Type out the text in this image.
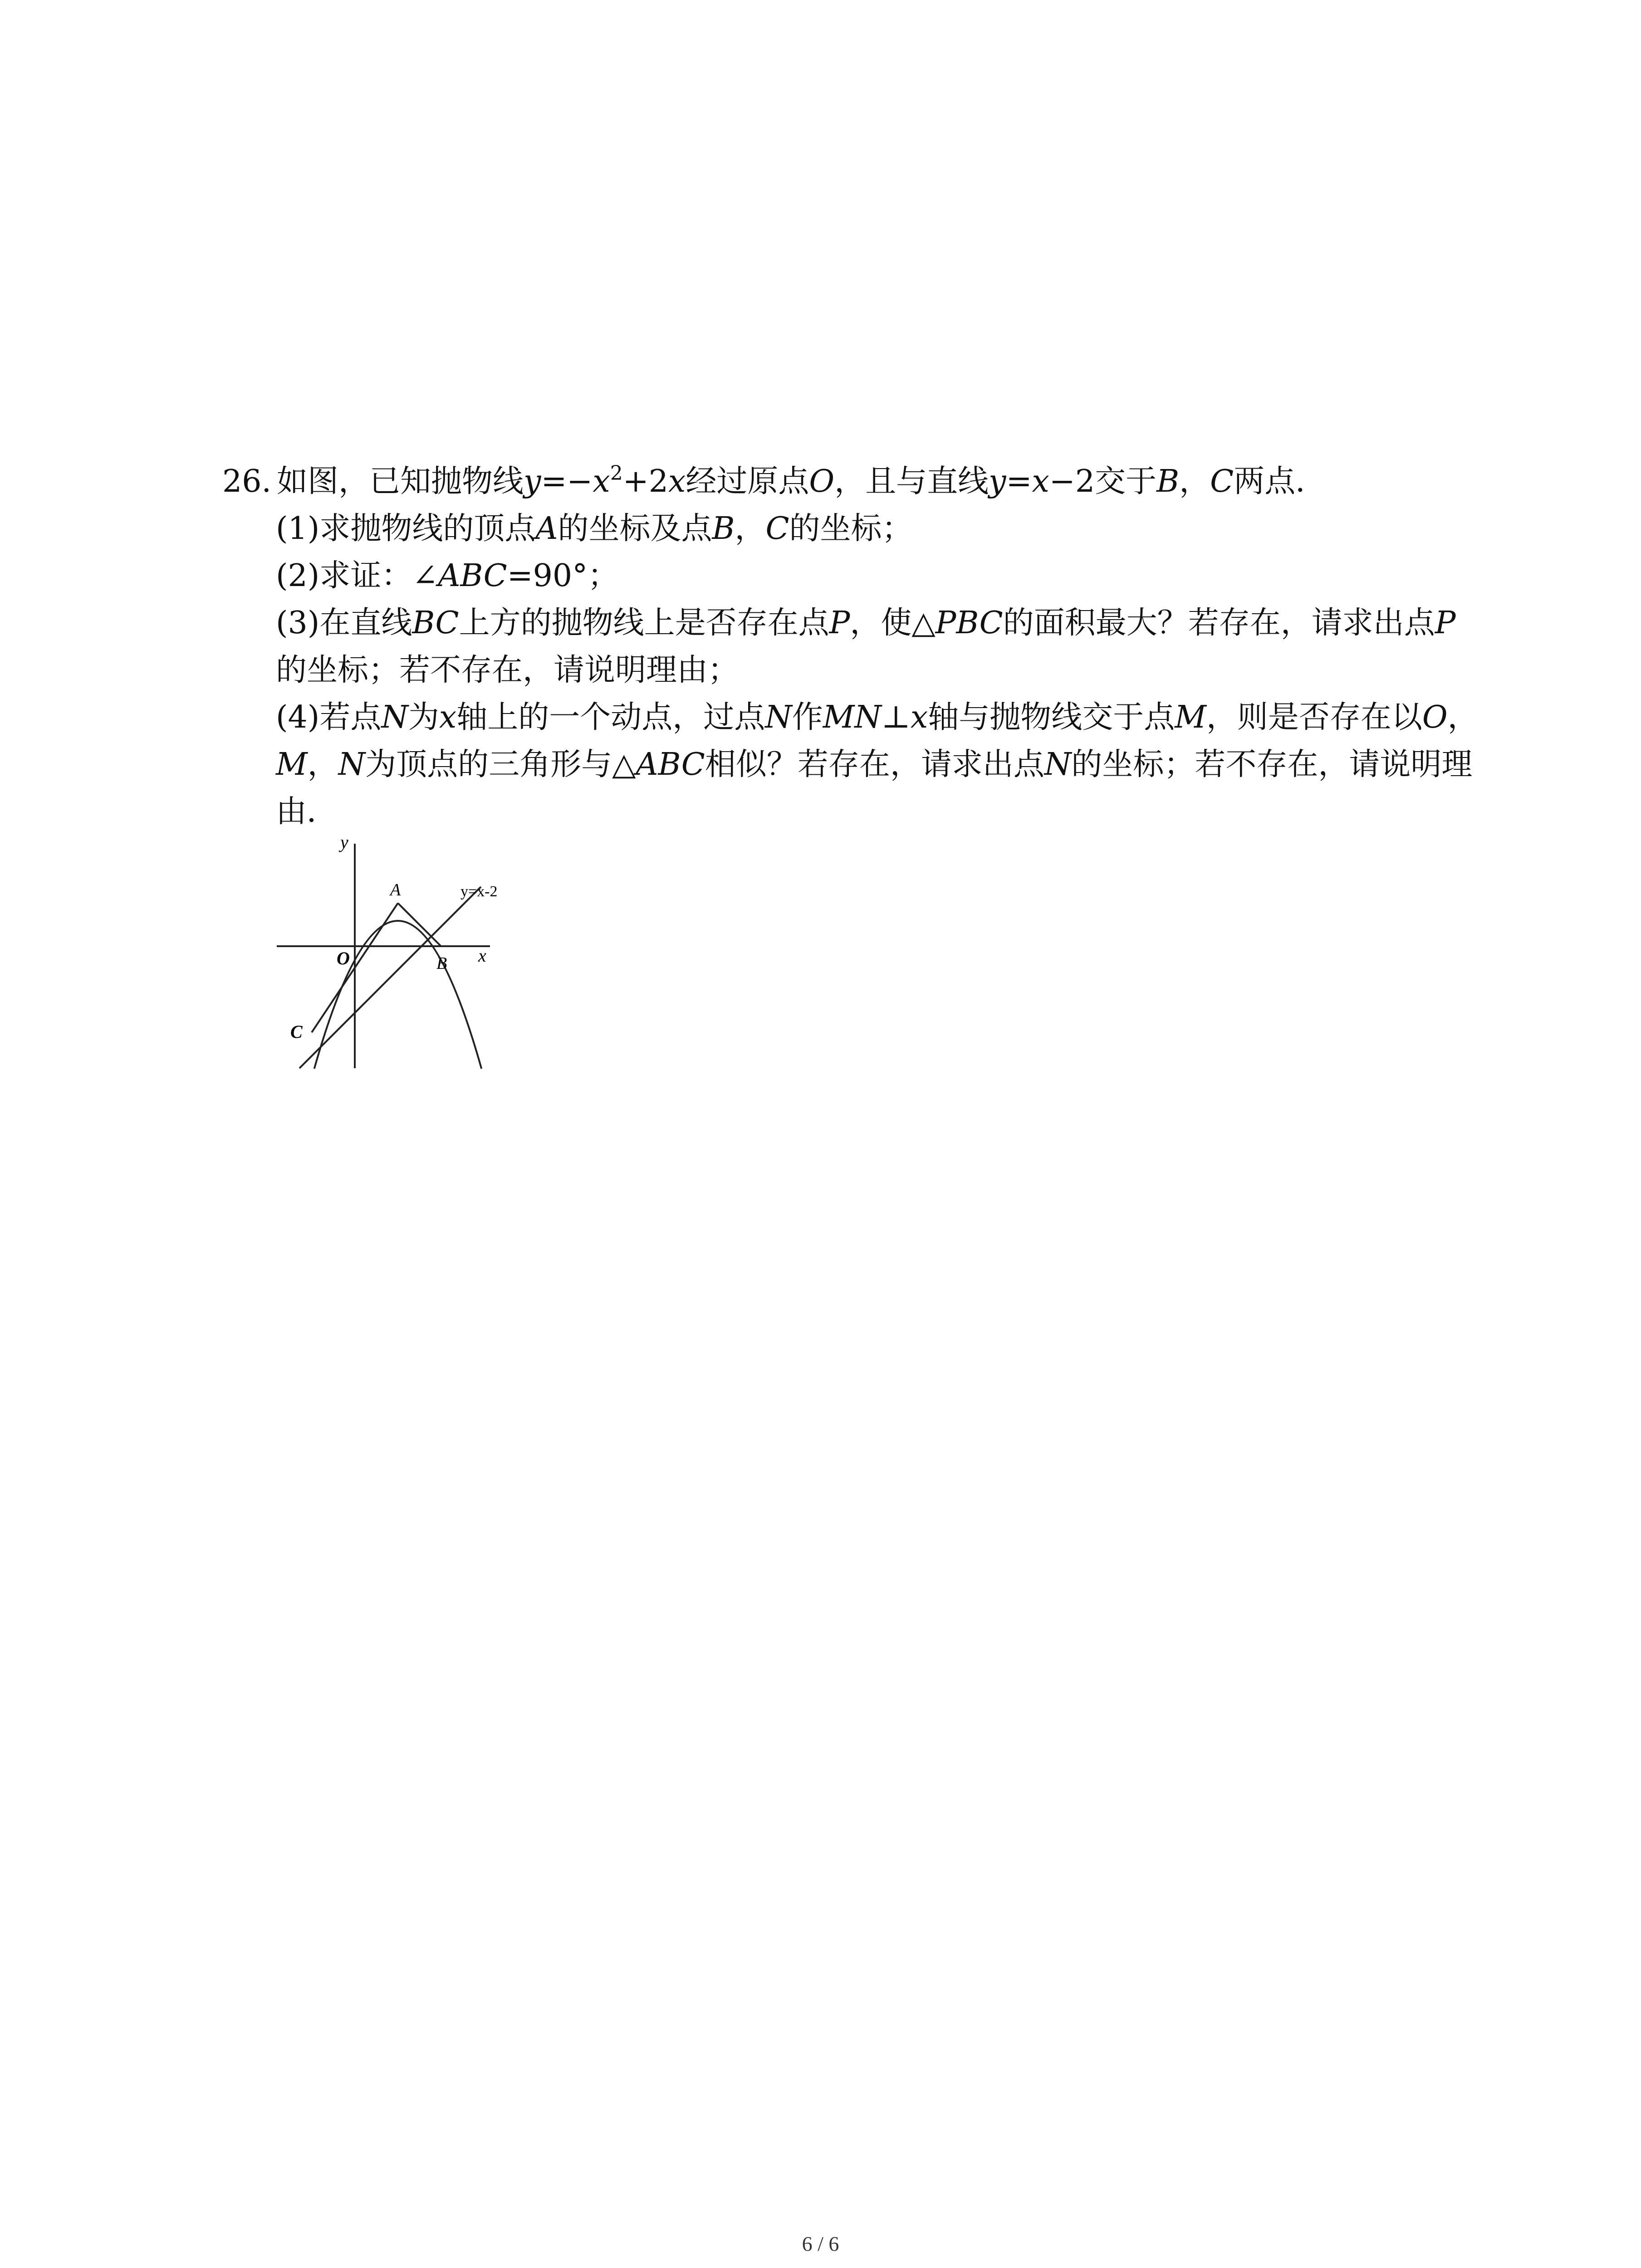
26. 如图，已知抛物线$y=-x^2+2x$经过原点O，且与直线y=x−2交于B，C两点．
(1)求抛物线的顶点A的坐标及点B，C的坐标；
(2)求证：∠ABC=90°；
(3)在直线BC上方的抛物线上是否存在点P，使△PBC的面积最大？若存在，请求出点P
的坐标；若不存在，请说明理由；
(4)若点N为x轴上的一个动点，过点N作MN⊥x轴与抛物线交于点M，则是否存在以O，
M，N为顶点的三角形与△ABC相似？若存在，请求出点N的坐标；若不存在，请说明理
由．
y
x
A
O	B
C
y=x-2
6 / 6
